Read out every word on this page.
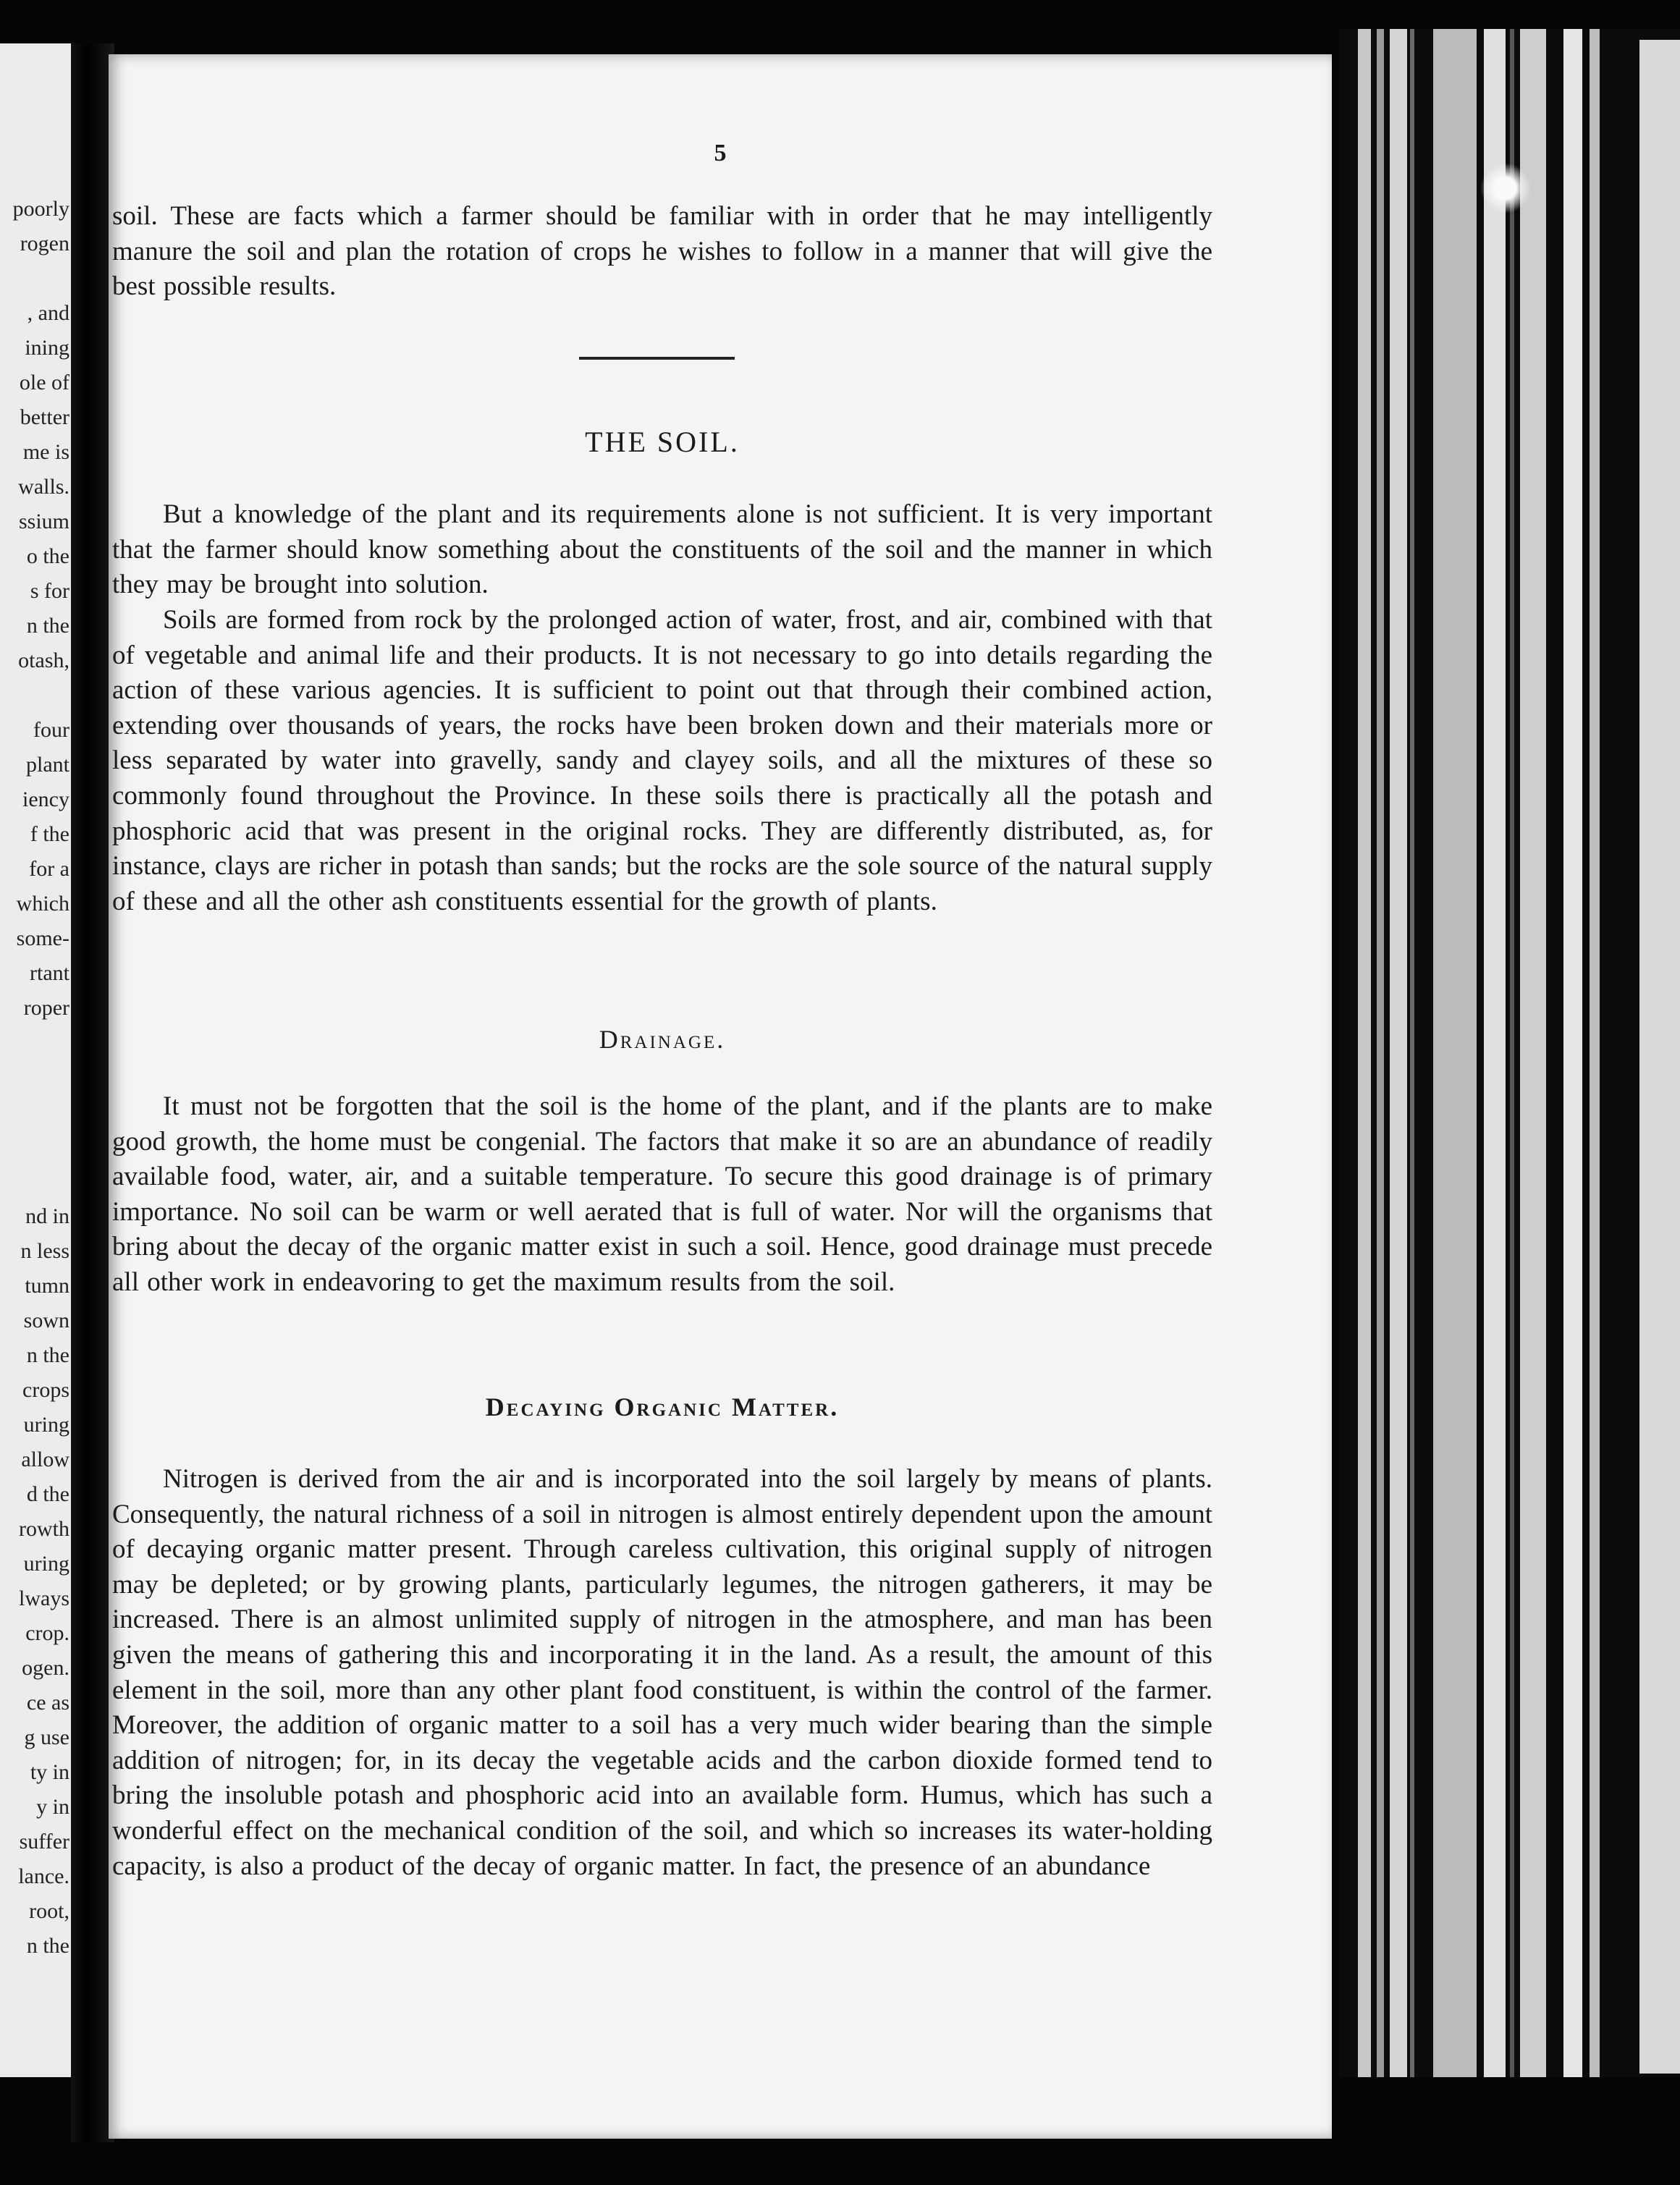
poorly
rogen
, and
ining
ole of
better
me is
walls.
ssium
o the
s for
n the
otash,
four
plant
iency
f the
for a
which
some-
rtant
roper
nd in
n less
tumn
sown
n the
crops
uring
allow
d the
rowth
uring
lways
crop.
ogen.
ce as
g use
ty in
y in
suffer
lance.
root,
n the
5

soil. These are facts which a farmer should be familiar with in order that he may intelligently manure the soil and plan the rotation of crops he wishes to follow in a manner that will give the best possible results.

THE SOIL.

But a knowledge of the plant and its requirements alone is not sufficient. It is very important that the farmer should know something about the constituents of the soil and the manner in which they may be brought into solution.

Soils are formed from rock by the prolonged action of water, frost, and air, combined with that of vegetable and animal life and their products. It is not necessary to go into details regarding the action of these various agencies. It is sufficient to point out that through their combined action, extending over thousands of years, the rocks have been broken down and their materials more or less separated by water into gravelly, sandy and clayey soils, and all the mixtures of these so commonly found throughout the Province. In these soils there is practically all the potash and phosphoric acid that was present in the original rocks. They are differently distributed, as, for instance, clays are richer in potash than sands; but the rocks are the sole source of the natural supply of these and all the other ash constituents essential for the growth of plants.

Drainage.

It must not be forgotten that the soil is the home of the plant, and if the plants are to make good growth, the home must be congenial. The factors that make it so are an abundance of readily available food, water, air, and a suitable temperature. To secure this good drainage is of primary importance. No soil can be warm or well aerated that is full of water. Nor will the organisms that bring about the decay of the organic matter exist in such a soil. Hence, good drainage must precede all other work in endeavoring to get the maximum results from the soil.

Decaying Organic Matter.

Nitrogen is derived from the air and is incorporated into the soil largely by means of plants. Consequently, the natural richness of a soil in nitrogen is almost entirely dependent upon the amount of decaying organic matter present. Through careless cultivation, this original supply of nitrogen may be depleted; or by growing plants, particularly legumes, the nitrogen gatherers, it may be increased. There is an almost unlimited supply of nitrogen in the atmosphere, and man has been given the means of gathering this and incorporating it in the land. As a result, the amount of this element in the soil, more than any other plant food constituent, is within the control of the farmer. Moreover, the addition of organic matter to a soil has a very much wider bearing than the simple addition of nitrogen; for, in its decay the vegetable acids and the carbon dioxide formed tend to bring the insoluble potash and phosphoric acid into an available form. Humus, which has such a wonderful effect on the mechanical condition of the soil, and which so increases its water-holding capacity, is also a product of the decay of organic matter. In fact, the presence of an abundance
